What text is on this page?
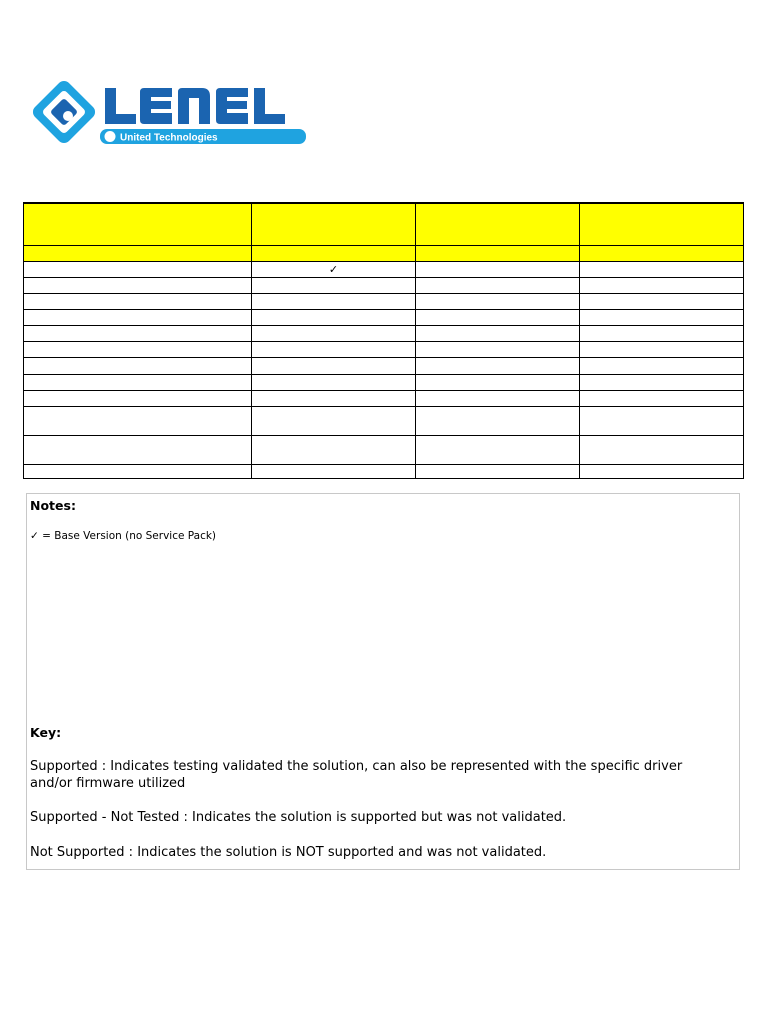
United Technologies

	✓		

Notes:
✓ = Base Version (no Service Pack)
Key:
Supported : Indicates testing validated the solution, can also be represented with the specific driver and/or firmware utilized
Supported - Not Tested : Indicates the solution is supported but was not validated.
Not Supported : Indicates the solution is NOT supported and was not validated.
